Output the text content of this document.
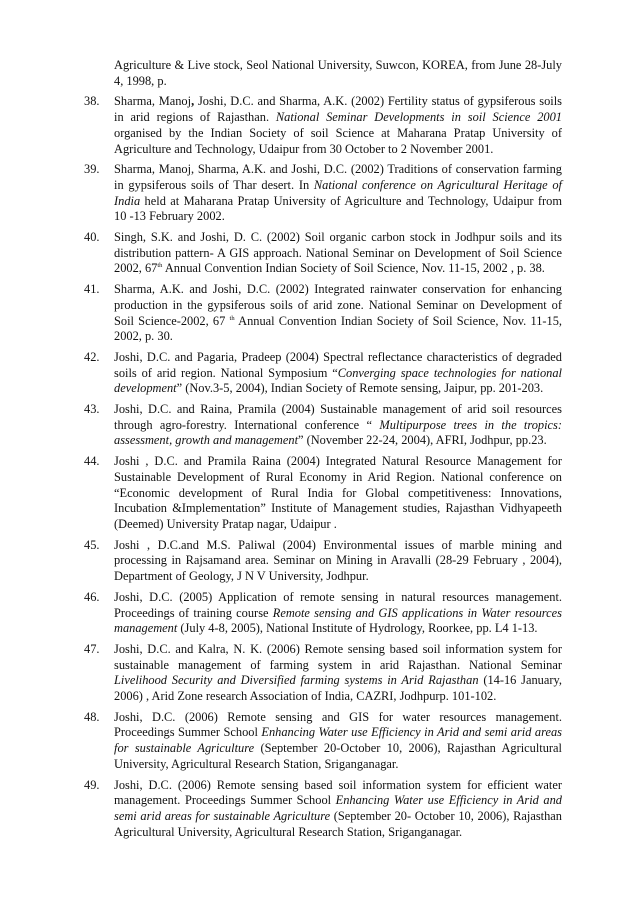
Agriculture & Live stock, Seol National University, Suwcon, KOREA, from June 28-July 4, 1998, p.
38. Sharma, Manoj, Joshi, D.C. and Sharma, A.K. (2002) Fertility status of gypsiferous soils in arid regions of Rajasthan. National Seminar Developments in soil Science 2001 organised by the Indian Society of soil Science at Maharana Pratap University of Agriculture and Technology, Udaipur from 30 October to 2 November 2001.
39. Sharma, Manoj, Sharma, A.K. and Joshi, D.C. (2002) Traditions of conservation farming in gypsiferous soils of Thar desert. In National conference on Agricultural Heritage of India held at Maharana Pratap University of Agriculture and Technology, Udaipur from 10 -13 February 2002.
40. Singh, S.K. and Joshi, D. C. (2002) Soil organic carbon stock in Jodhpur soils and its distribution pattern- A GIS approach. National Seminar on Development of Soil Science 2002, 67th Annual Convention Indian Society of Soil Science, Nov. 11-15, 2002 , p. 38.
41. Sharma, A.K. and Joshi, D.C. (2002) Integrated rainwater conservation for enhancing production in the gypsiferous soils of arid zone. National Seminar on Development of Soil Science-2002, 67 $^{th}$ Annual Convention Indian Society of Soil Science, Nov. 11-15, 2002, p. 30.
42. Joshi, D.C. and Pagaria, Pradeep (2004) Spectral reflectance characteristics of degraded soils of arid region. National Symposium “Converging space technologies for national development” (Nov.3-5, 2004), Indian Society of Remote sensing, Jaipur, pp. 201-203.
43. Joshi, D.C. and Raina, Pramila (2004) Sustainable management of arid soil resources through agro-forestry. International conference “ Multipurpose trees in the tropics: assessment, growth and management” (November 22-24, 2004), AFRI, Jodhpur, pp.23.
44. Joshi , D.C. and Pramila Raina (2004) Integrated Natural Resource Management for Sustainable Development of Rural Economy in Arid Region. National conference on “Economic development of Rural India for Global competitiveness: Innovations, Incubation &Implementation” Institute of Management studies, Rajasthan Vidhyapeeth (Deemed) University Pratap nagar, Udaipur .
45. Joshi , D.C.and M.S. Paliwal (2004) Environmental issues of marble mining and processing in Rajsamand area. Seminar on Mining in Aravalli (28-29 February , 2004), Department of Geology, J N V University, Jodhpur.
46. Joshi, D.C. (2005) Application of remote sensing in natural resources management. Proceedings of training course Remote sensing and GIS applications in Water resources management (July 4-8, 2005), National Institute of Hydrology, Roorkee, pp. L4 1-13.
47. Joshi, D.C. and Kalra, N. K. (2006) Remote sensing based soil information system for sustainable management of farming system in arid Rajasthan. National Seminar Livelihood Security and Diversified farming systems in Arid Rajasthan (14-16 January, 2006) , Arid Zone research Association of India, CAZRI, Jodhpurp. 101-102.
48. Joshi, D.C. (2006) Remote sensing and GIS for water resources management. Proceedings Summer School Enhancing Water use Efficiency in Arid and semi arid areas for sustainable Agriculture (September 20-October 10, 2006), Rajasthan Agricultural University, Agricultural Research Station, Sriganganagar.
49. Joshi, D.C. (2006) Remote sensing based soil information system for efficient water management. Proceedings Summer School Enhancing Water use Efficiency in Arid and semi arid areas for sustainable Agriculture (September 20- October 10, 2006), Rajasthan Agricultural University, Agricultural Research Station, Sriganganagar.
